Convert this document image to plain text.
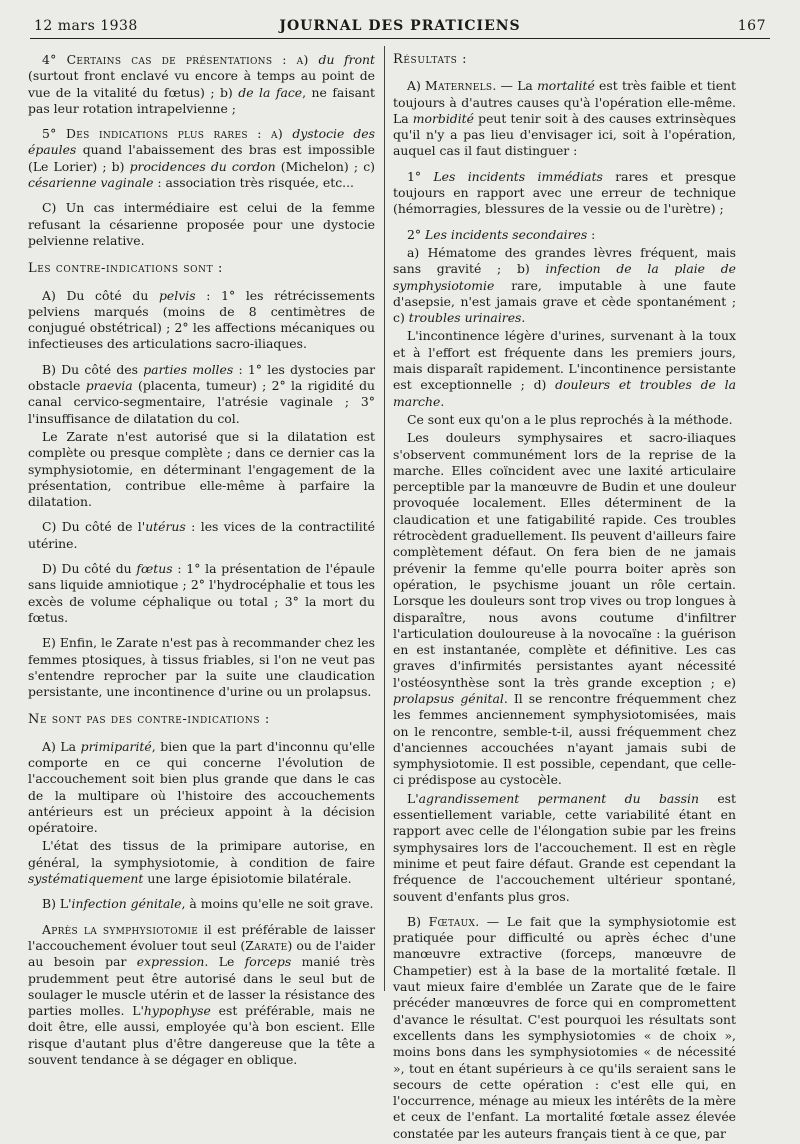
12 mars 1938	JOURNAL DES PRATICIENS	167

4° Certains cas de présentations : a) du front (surtout front enclavé vu encore à temps au point de vue de la vitalité du fœtus) ; b) de la face, ne faisant pas leur rotation intrapelvienne ;

5° Des indications plus rares : a) dystocie des épaules quand l'abaissement des bras est impossible (Le Lorier) ; b) procidences du cordon (Michelon) ; c) césarienne vaginale : association très risquée, etc...

C) Un cas intermédiaire est celui de la femme refusant la césarienne proposée pour une dystocie pelvienne relative.

Les contre-indications sont :

A) Du côté du pelvis : 1° les rétrécissements pelviens marqués (moins de 8 centimètres de conjugué obstétrical) ; 2° les affections mécaniques ou infectieuses des articulations sacro-iliaques.

B) Du côté des parties molles : 1° les dystocies par obstacle praevia (placenta, tumeur) ; 2° la rigidité du canal cervico-segmentaire, l'atrésie vaginale ; 3° l'insuffisance de dilatation du col.

Le Zarate n'est autorisé que si la dilatation est complète ou presque complète ; dans ce dernier cas la symphysiotomie, en déterminant l'engagement de la présentation, contribue elle-même à parfaire la dilatation.

C) Du côté de l'utérus : les vices de la contractilité utérine.

D) Du côté du fœtus : 1° la présentation de l'épaule sans liquide amniotique ; 2° l'hydrocéphalie et tous les excès de volume céphalique ou total ; 3° la mort du fœtus.

E) Enfin, le Zarate n'est pas à recommander chez les femmes ptosiques, à tissus friables, si l'on ne veut pas s'entendre reprocher par la suite une claudication persistante, une incontinence d'urine ou un prolapsus.

Ne sont pas des contre-indications :

A) La primiparité, bien que la part d'inconnu qu'elle comporte en ce qui concerne l'évolution de l'accouchement soit bien plus grande que dans le cas de la multipare où l'histoire des accouchements antérieurs est un précieux appoint à la décision opératoire.

L'état des tissus de la primipare autorise, en général, la symphysiotomie, à condition de faire systématiquement une large épisiotomie bilatérale.

B) L'infection génitale, à moins qu'elle ne soit grave.

Après la symphysiotomie il est préférable de laisser l'accouchement évoluer tout seul (Zarate) ou de l'aider au besoin par expression. Le forceps manié très prudemment peut être autorisé dans le seul but de soulager le muscle utérin et de lasser la résistance des parties molles. L'hypophyse est préférable, mais ne doit être, elle aussi, employée qu'à bon escient. Elle risque d'autant plus d'être dangereuse que la tête a souvent tendance à se dégager en oblique.

Résultats :

A) Maternels. — La mortalité est très faible et tient toujours à d'autres causes qu'à l'opération elle-même. La morbidité peut tenir soit à des causes extrinsèques qu'il n'y a pas lieu d'envisager ici, soit à l'opération, auquel cas il faut distinguer :

1° Les incidents immédiats rares et presque toujours en rapport avec une erreur de technique (hémorragies, blessures de la vessie ou de l'urètre) ;

2° Les incidents secondaires :

a) Hématome des grandes lèvres fréquent, mais sans gravité ; b) infection de la plaie de symphysiotomie rare, imputable à une faute d'asepsie, n'est jamais grave et cède spontanément ; c) troubles urinaires.

L'incontinence légère d'urines, survenant à la toux et à l'effort est fréquente dans les premiers jours, mais disparaît rapidement. L'incontinence persistante est exceptionnelle ; d) douleurs et troubles de la marche.

Ce sont eux qu'on a le plus reprochés à la méthode.

Les douleurs symphysaires et sacro-iliaques s'observent communément lors de la reprise de la marche. Elles coïncident avec une laxité articulaire perceptible par la manœuvre de Budin et une douleur provoquée localement. Elles déterminent de la claudication et une fatigabilité rapide. Ces troubles rétrocèdent graduellement. Ils peuvent d'ailleurs faire complètement défaut. On fera bien de ne jamais prévenir la femme qu'elle pourra boiter après son opération, le psychisme jouant un rôle certain. Lorsque les douleurs sont trop vives ou trop longues à disparaître, nous avons coutume d'infiltrer l'articulation douloureuse à la novocaïne : la guérison en est instantanée, complète et définitive. Les cas graves d'infirmités persistantes ayant nécessité l'ostéosynthèse sont la très grande exception ; e) prolapsus génital. Il se rencontre fréquemment chez les femmes anciennement symphysiotomisées, mais on le rencontre, semble-t-il, aussi fréquemment chez d'anciennes accouchées n'ayant jamais subi de symphysiotomie. Il est possible, cependant, que celle-ci prédispose au cystocèle.

L'agrandissement permanent du bassin est essentiellement variable, cette variabilité étant en rapport avec celle de l'élongation subie par les freins symphysaires lors de l'accouchement. Il est en règle minime et peut faire défaut. Grande est cependant la fréquence de l'accouchement ultérieur spontané, souvent d'enfants plus gros.

B) Fœtaux. — Le fait que la symphysiotomie est pratiquée pour difficulté ou après échec d'une manœuvre extractive (forceps, manœuvre de Champetier) est à la base de la mortalité fœtale. Il vaut mieux faire d'emblée un Zarate que de le faire précéder manœuvres de force qui en compromettent d'avance le résultat. C'est pourquoi les résultats sont excellents dans les symphysiotomies « de choix », moins bons dans les symphysiotomies « de nécessité », tout en étant supérieurs à ce qu'ils seraient sans le secours de cette opération : c'est elle qui, en l'occurrence, ménage au mieux les intérêts de la mère et ceux de l'enfant. La mortalité fœtale assez élevée constatée par les auteurs français tient à ce que, par
